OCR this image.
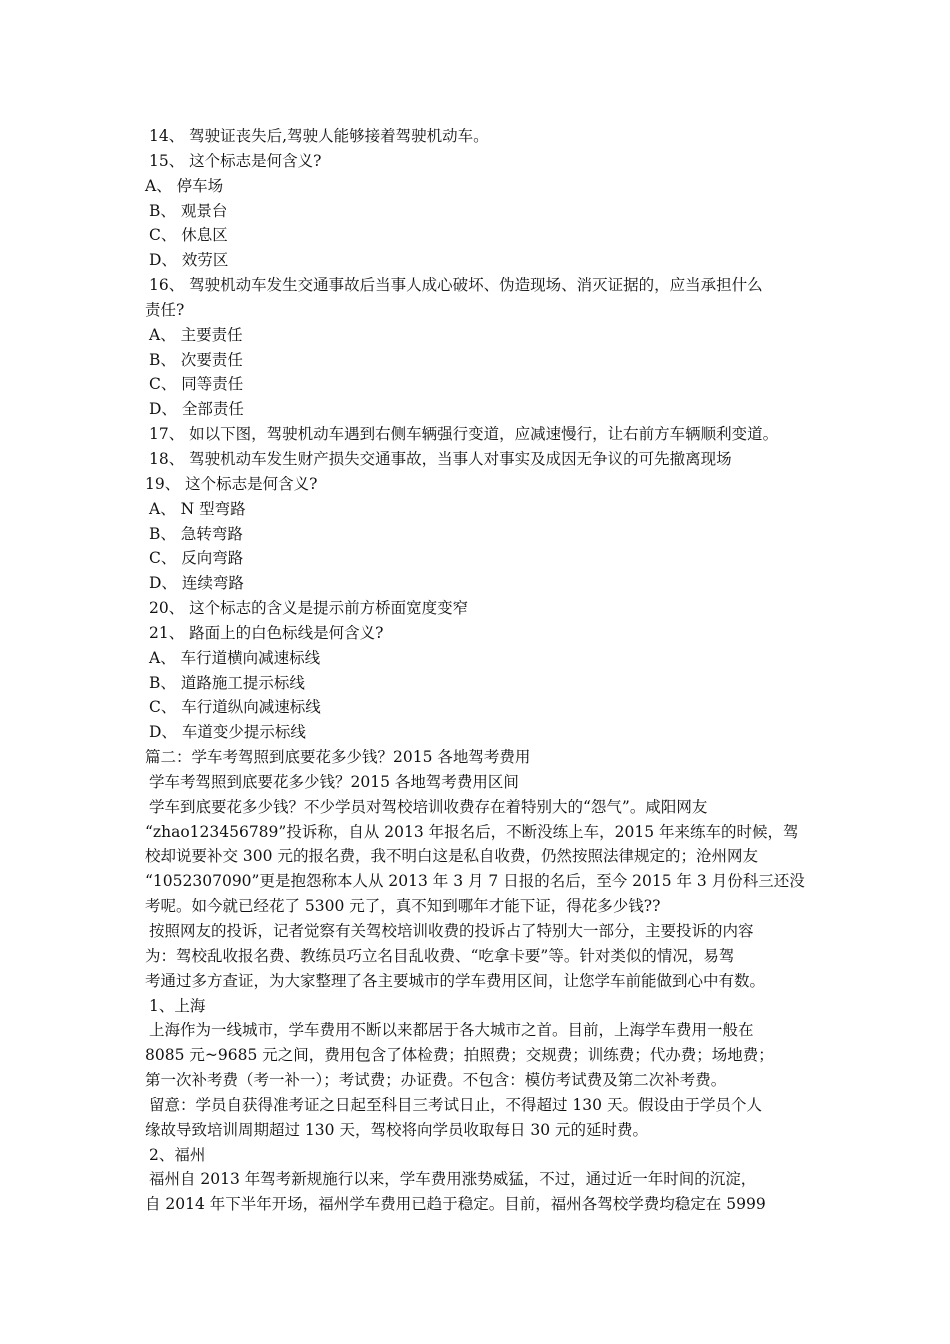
14、 驾驶证丧失后,驾驶人能够接着驾驶机动车。
15、 这个标志是何含义?
A、 停车场
B、 观景台
C、 休息区
D、 效劳区
16、 驾驶机动车发生交通事故后当事人成心破坏、伪造现场、消灭证据的，应当承担什么
责任?
A、 主要责任
B、 次要责任
C、 同等责任
D、 全部责任
17、 如以下图，驾驶机动车遇到右侧车辆强行变道，应减速慢行，让右前方车辆顺利变道。
18、 驾驶机动车发生财产损失交通事故，当事人对事实及成因无争议的可先撤离现场
19、 这个标志是何含义?
A、 N 型弯路
B、 急转弯路
C、 反向弯路
D、 连续弯路
20、 这个标志的含义是提示前方桥面宽度变窄
21、 路面上的白色标线是何含义?
A、 车行道横向减速标线
B、 道路施工提示标线
C、 车行道纵向减速标线
D、 车道变少提示标线
篇二：学车考驾照到底要花多少钱？2015 各地驾考费用
学车考驾照到底要花多少钱？2015 各地驾考费用区间
学车到底要花多少钱？不少学员对驾校培训收费存在着特别大的“怨气”。咸阳网友
“zhao123456789”投诉称，自从 2013 年报名后，不断没练上车，2015 年来练车的时候，驾
校却说要补交 300 元的报名费，我不明白这是私自收费，仍然按照法律规定的；沧州网友
“1052307090”更是抱怨称本人从 2013 年 3 月 7 日报的名后，至今 2015 年 3 月份科三还没
考呢。如今就已经花了 5300 元了，真不知到哪年才能下证，得花多少钱??
按照网友的投诉，记者觉察有关驾校培训收费的投诉占了特别大一部分，主要投诉的内容
为：驾校乱收报名费、教练员巧立名目乱收费、“吃拿卡要”等。针对类似的情况，易驾
考通过多方查证，为大家整理了各主要城市的学车费用区间，让您学车前能做到心中有数。
1、上海
上海作为一线城市，学车费用不断以来都居于各大城市之首。目前，上海学车费用一般在
8085 元~9685 元之间，费用包含了体检费；拍照费；交规费；训练费；代办费；场地费；
第一次补考费（考一补一）；考试费；办证费。不包含：模仿考试费及第二次补考费。
留意：学员自获得准考证之日起至科目三考试日止，不得超过 130 天。假设由于学员个人
缘故导致培训周期超过 130 天，驾校将向学员收取每日 30 元的延时费。
2、福州
福州自 2013 年驾考新规施行以来，学车费用涨势威猛，不过，通过近一年时间的沉淀，
自 2014 年下半年开场，福州学车费用已趋于稳定。目前，福州各驾校学费均稳定在 5999
